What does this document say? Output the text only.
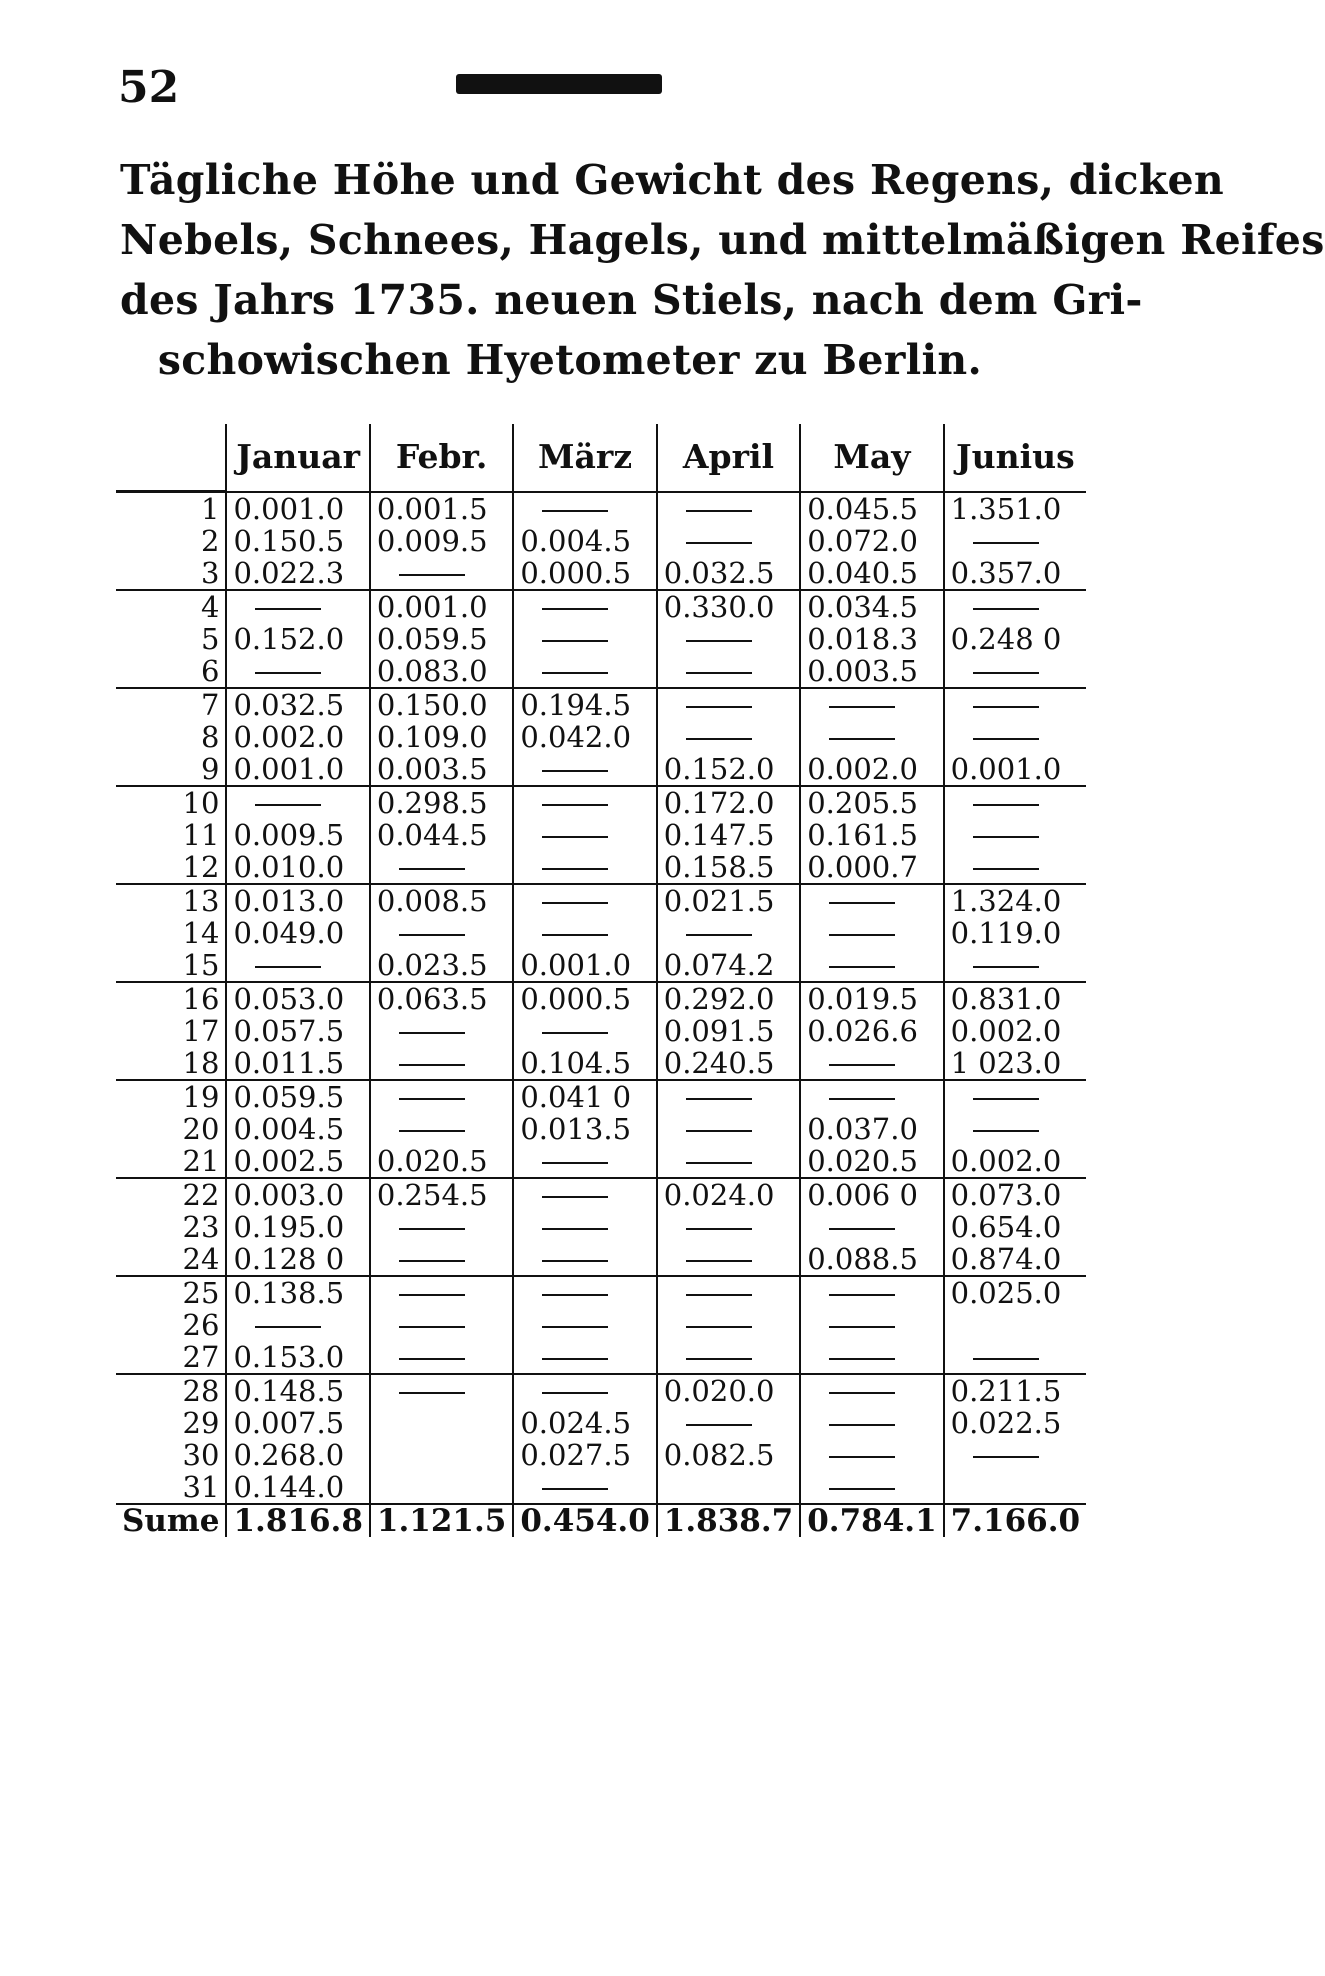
52
Tägliche Höhe und Gewicht des Regens, dicken
Nebels, Schnees, Hagels, und mittelmäßigen Reifes
des Jahrs 1735. neuen Stiels, nach dem Gri-
schowischen Hyetometer zu Berlin.
	Januar	Febr.	März	April	May	Junius
1	0.001.0	0.001.5			0.045.5	1.351.0
2	0.150.5	0.009.5	0.004.5		0.072.0	
3	0.022.3		0.000.5	0.032.5	0.040.5	0.357.0
4		0.001.0		0.330.0	0.034.5	
5	0.152.0	0.059.5			0.018.3	0.248 0
6		0.083.0			0.003.5	
7	0.032.5	0.150.0	0.194.5			
8	0.002.0	0.109.0	0.042.0			
9	0.001.0	0.003.5		0.152.0	0.002.0	0.001.0
10		0.298.5		0.172.0	0.205.5	
11	0.009.5	0.044.5		0.147.5	0.161.5	
12	0.010.0			0.158.5	0.000.7	
13	0.013.0	0.008.5		0.021.5		1.324.0
14	0.049.0					0.119.0
15		0.023.5	0.001.0	0.074.2		
16	0.053.0	0.063.5	0.000.5	0.292.0	0.019.5	0.831.0
17	0.057.5			0.091.5	0.026.6	0.002.0
18	0.011.5		0.104.5	0.240.5		1 023.0
19	0.059.5		0.041 0			
20	0.004.5		0.013.5		0.037.0	
21	0.002.5	0.020.5			0.020.5	0.002.0
22	0.003.0	0.254.5		0.024.0	0.006 0	0.073.0
23	0.195.0					0.654.0
24	0.128 0				0.088.5	0.874.0
25	0.138.5					0.025.0
26						
27	0.153.0					
28	0.148.5			0.020.0		0.211.5
29	0.007.5		0.024.5			0.022.5
30	0.268.0		0.027.5	0.082.5		
31	0.144.0					
Sume	1.816.8	1.121.5	0.454.0	1.838.7	0.784.1	7.166.0
